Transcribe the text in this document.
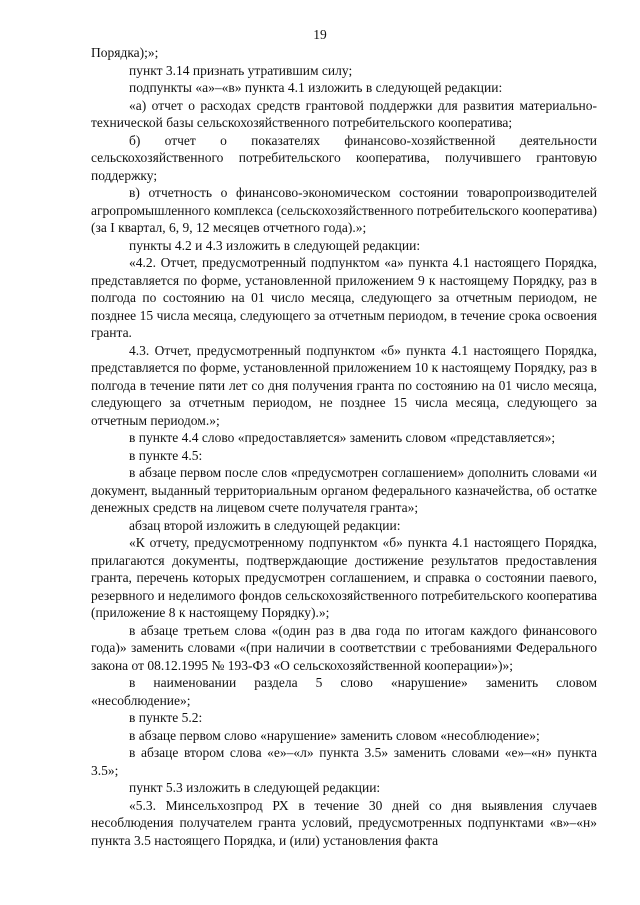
19

Порядка);»;

пункт 3.14 признать утратившим силу;

подпункты «а»–«в» пункта 4.1 изложить в следующей редакции:

«а) отчет о расходах средств грантовой поддержки для развития материально-технической базы сельскохозяйственного потребительского кооператива;

б) отчет о показателях финансово-хозяйственной деятельности сельскохозяйственного потребительского кооператива, получившего грантовую поддержку;

в) отчетность о финансово-экономическом состоянии товаропроизводителей агропромышленного комплекса (сельскохозяйственного потребительского кооператива) (за I квартал, 6, 9, 12 месяцев отчетного года).»;

пункты 4.2 и 4.3 изложить в следующей редакции:

«4.2. Отчет, предусмотренный подпунктом «а» пункта 4.1 настоящего Порядка, представляется по форме, установленной приложением 9 к настоящему Порядку, раз в полгода по состоянию на 01 число месяца, следующего за отчетным периодом, не позднее 15 числа месяца, следующего за отчетным периодом, в течение срока освоения гранта.

4.3. Отчет, предусмотренный подпунктом «б» пункта 4.1 настоящего Порядка, представляется по форме, установленной приложением 10 к настоящему Порядку, раз в полгода в течение пяти лет со дня получения гранта по состоянию на 01 число месяца, следующего за отчетным периодом, не позднее 15 числа месяца, следующего за отчетным периодом.»;

в пункте 4.4 слово «предоставляется» заменить словом «представляется»;

в пункте 4.5:

в абзаце первом после слов «предусмотрен соглашением» дополнить словами «и документ, выданный территориальным органом федерального казначейства, об остатке денежных средств на лицевом счете получателя гранта»;

абзац второй изложить в следующей редакции:

«К отчету, предусмотренному подпунктом «б» пункта 4.1 настоящего Порядка, прилагаются документы, подтверждающие достижение результатов предоставления гранта, перечень которых предусмотрен соглашением, и справка о состоянии паевого, резервного и неделимого фондов сельскохозяйственного потребительского кооператива (приложение 8 к настоящему Порядку).»;

в абзаце третьем слова «(один раз в два года по итогам каждого финансового года)» заменить словами «(при наличии в соответствии с требованиями Федерального закона от 08.12.1995 № 193-ФЗ «О сельскохозяйственной кооперации»)»;

в наименовании раздела 5 слово «нарушение» заменить словом «несоблюдение»;

в пункте 5.2:

в абзаце первом слово «нарушение» заменить словом «несоблюдение»;

в абзаце втором слова «е»–«л» пункта 3.5» заменить словами «е»–«н» пункта 3.5»;

пункт 5.3 изложить в следующей редакции:

«5.3. Минсельхозпрод РХ в течение 30 дней со дня выявления случаев несоблюдения получателем гранта условий, предусмотренных подпунктами «в»–«н» пункта 3.5 настоящего Порядка, и (или) установления факта
